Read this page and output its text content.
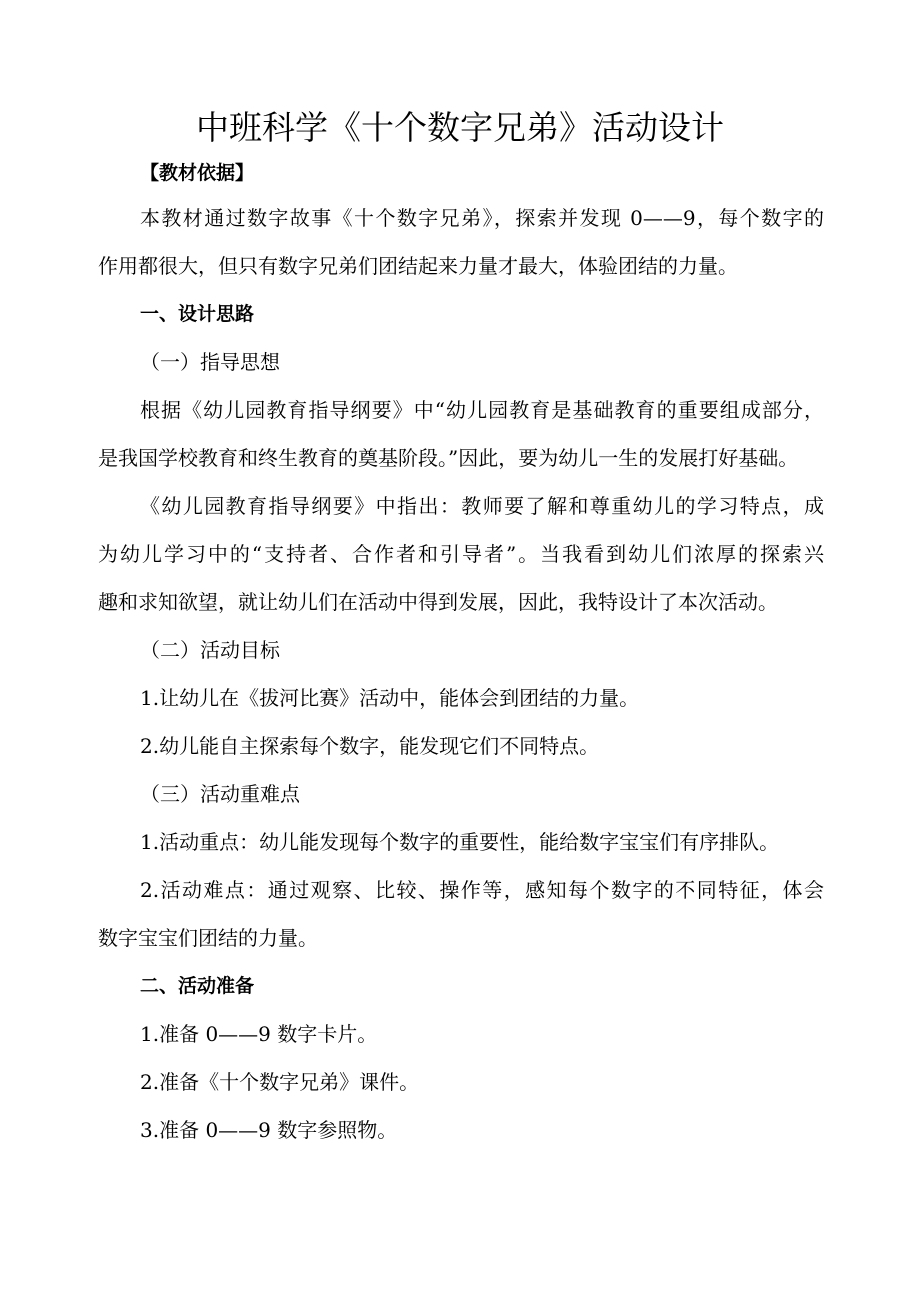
中班科学《十个数字兄弟》活动设计
【教材依据】
本教材通过数字故事《十个数字兄弟》，探索并发现 0——9，每个数字的
作用都很大，但只有数字兄弟们团结起来力量才最大，体验团结的力量。
一、设计思路
（一）指导思想
根据《幼儿园教育指导纲要》中“幼儿园教育是基础教育的重要组成部分，
是我国学校教育和终生教育的奠基阶段。”因此，要为幼儿一生的发展打好基础。
《幼儿园教育指导纲要》中指出：教师要了解和尊重幼儿的学习特点，成
为幼儿学习中的“支持者、合作者和引导者”。当我看到幼儿们浓厚的探索兴
趣和求知欲望，就让幼儿们在活动中得到发展，因此，我特设计了本次活动。
（二）活动目标
1.让幼儿在《拔河比赛》活动中，能体会到团结的力量。
2.幼儿能自主探索每个数字，能发现它们不同特点。
（三）活动重难点
1.活动重点：幼儿能发现每个数字的重要性，能给数字宝宝们有序排队。
2.活动难点：通过观察、比较、操作等，感知每个数字的不同特征，体会
数字宝宝们团结的力量。
二、活动准备
1.准备 0——9 数字卡片。
2.准备《十个数字兄弟》课件。
3.准备 0——9 数字参照物。
